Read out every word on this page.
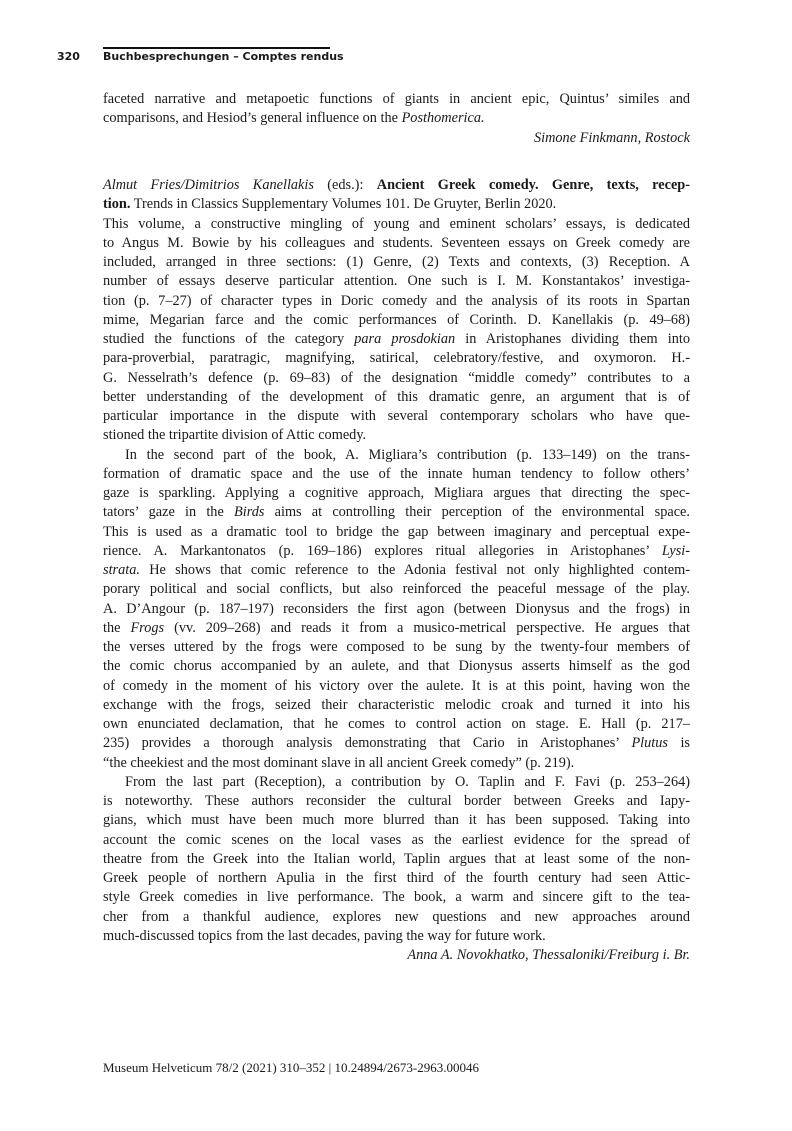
320 Buchbesprechungen – Comptes rendus
faceted narrative and metapoetic functions of giants in ancient epic, Quintus’ similes and
comparisons, and Hesiod’s general influence on the Posthomerica.
Simone Finkmann, Rostock
Almut Fries/Dimitrios Kanellakis (eds.): Ancient Greek comedy. Genre, texts, recep-
tion. Trends in Classics Supplementary Volumes 101. De Gruyter, Berlin 2020.
This volume, a constructive mingling of young and eminent scholars’ essays, is dedicated
to Angus M. Bowie by his colleagues and students. Seventeen essays on Greek comedy are
included, arranged in three sections: (1) Genre, (2) Texts and contexts, (3) Reception. A
number of essays deserve particular attention. One such is I. M. Konstantakos’ investiga-
tion (p. 7–27) of character types in Doric comedy and the analysis of its roots in Spartan
mime, Megarian farce and the comic performances of Corinth. D. Kanellakis (p. 49–68)
studied the functions of the category para prosdokian in Aristophanes dividing them into
para-proverbial, paratragic, magnifying, satirical, celebratory/festive, and oxymoron. H.-
G. Nesselrath’s defence (p. 69–83) of the designation “middle comedy” contributes to a
better understanding of the development of this dramatic genre, an argument that is of
particular importance in the dispute with several contemporary scholars who have que-
stioned the tripartite division of Attic comedy.
In the second part of the book, A. Migliara’s contribution (p. 133–149) on the trans-
formation of dramatic space and the use of the innate human tendency to follow others’
gaze is sparkling. Applying a cognitive approach, Migliara argues that directing the spec-
tators’ gaze in the Birds aims at controlling their perception of the environmental space.
This is used as a dramatic tool to bridge the gap between imaginary and perceptual expe-
rience. A. Markantonatos (p. 169–186) explores ritual allegories in Aristophanes’ Lysi-
strata. He shows that comic reference to the Adonia festival not only highlighted contem-
porary political and social conflicts, but also reinforced the peaceful message of the play.
A. D’Angour (p. 187–197) reconsiders the first agon (between Dionysus and the frogs) in
the Frogs (vv. 209–268) and reads it from a musico-metrical perspective. He argues that
the verses uttered by the frogs were composed to be sung by the twenty-four members of
the comic chorus accompanied by an aulete, and that Dionysus asserts himself as the god
of comedy in the moment of his victory over the aulete. It is at this point, having won the
exchange with the frogs, seized their characteristic melodic croak and turned it into his
own enunciated declamation, that he comes to control action on stage. E. Hall (p. 217–
235) provides a thorough analysis demonstrating that Cario in Aristophanes’ Plutus is
“the cheekiest and the most dominant slave in all ancient Greek comedy” (p. 219).
From the last part (Reception), a contribution by O. Taplin and F. Favi (p. 253–264)
is noteworthy. These authors reconsider the cultural border between Greeks and Iapy-
gians, which must have been much more blurred than it has been supposed. Taking into
account the comic scenes on the local vases as the earliest evidence for the spread of
theatre from the Greek into the Italian world, Taplin argues that at least some of the non-
Greek people of northern Apulia in the first third of the fourth century had seen Attic-
style Greek comedies in live performance. The book, a warm and sincere gift to the tea-
cher from a thankful audience, explores new questions and new approaches around
much-discussed topics from the last decades, paving the way for future work.
Anna A. Novokhatko, Thessaloniki/Freiburg i. Br.
Museum Helveticum 78/2 (2021) 310–352 | 10.24894/2673-2963.00046
